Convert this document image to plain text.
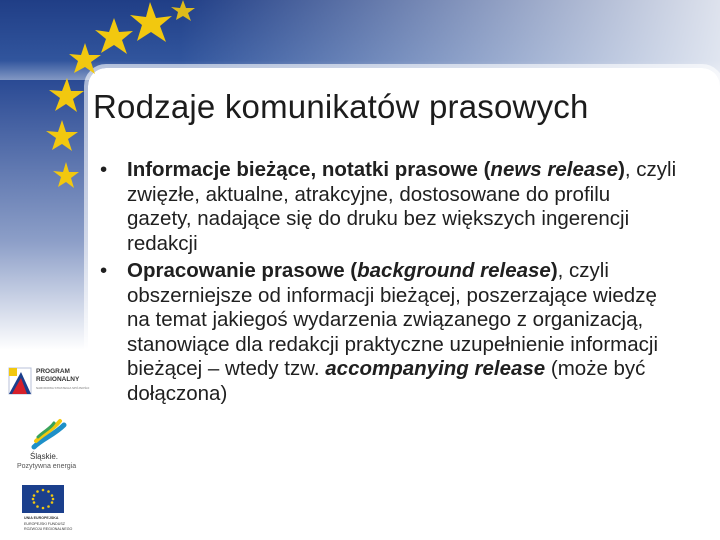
Rodzaje komunikatów prasowych
• Informacje bieżące, notatki prasowe (news release), czyli zwięzłe, aktualne, atrakcyjne, dostosowane do profilu gazety, nadające się do druku bez większych ingerencji redakcji
• Opracowanie prasowe (background release), czyli obszerniejsze od informacji bieżącej, poszerzające wiedzę na temat jakiegoś wydarzenia związanego z organizacją, stanowiące dla redakcji praktyczne uzupełnienie informacji bieżącej – wtedy tzw. accompanying release (może być dołączona)
PROGRAM
REGIONALNY
NARODOWA STRATEGIA SPÓJNOŚCI
Śląskie.
Pozytywna energia
UNIA EUROPEJSKA
EUROPEJSKI FUNDUSZ
ROZWOJU REGIONALNEGO
